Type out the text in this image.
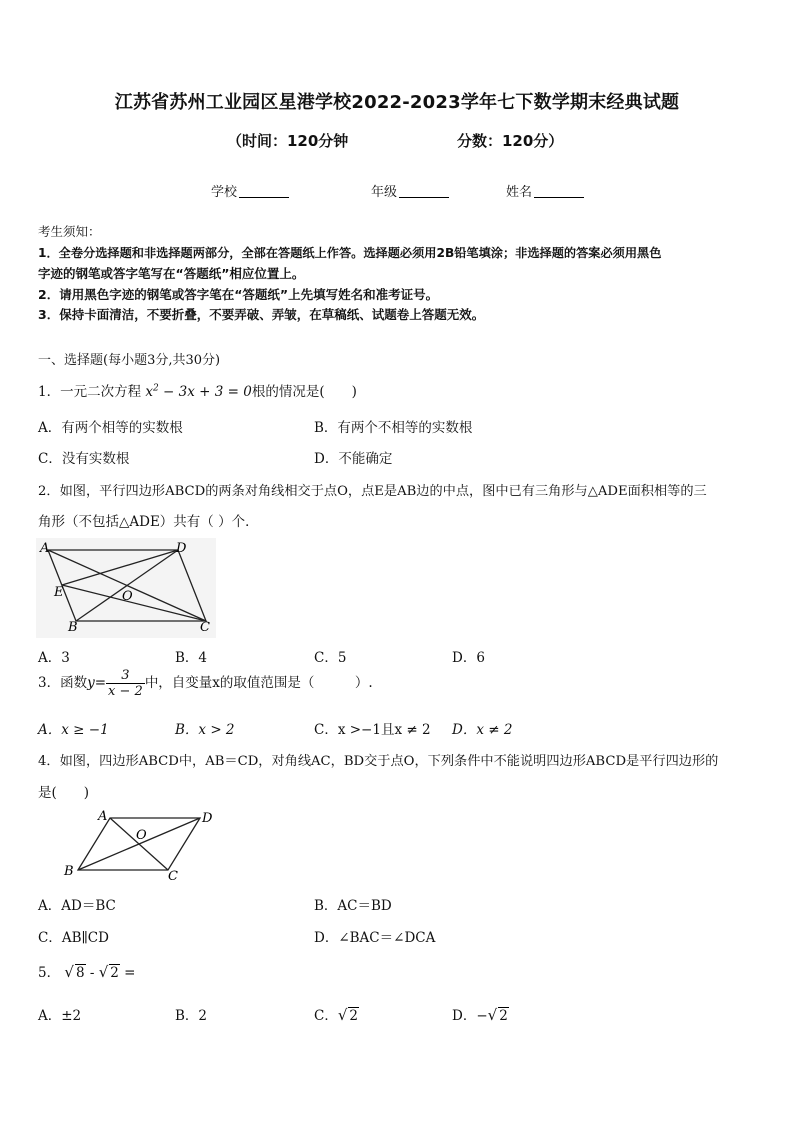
江苏省苏州工业园区星港学校2022-2023学年七下数学期末经典试题
（时间：120分钟	分数：120分）
学校	年级	姓名
考生须知：
1．全卷分选择题和非选择题两部分，全部在答题纸上作答。选择题必须用2B铅笔填涂；非选择题的答案必须用黑色
字迹的钢笔或答字笔写在“答题纸”相应位置上。
2．请用黑色字迹的钢笔或答字笔在“答题纸”上先填写姓名和准考证号。
3．保持卡面清洁，不要折叠，不要弄破、弄皱，在草稿纸、试题卷上答题无效。
一、选择题(每小题3分,共30分)
1．一元二次方程 $x^2 - 3x + 3 = 0$根的情况是(　　)
A．有两个相等的实数根	B．有两个不相等的实数根
C．没有实数根	D．不能确定
2．如图，平行四边形ABCD的两条对角线相交于点O，点E是AB边的中点，图中已有三角形与△ADE面积相等的三
角形（不包括△ADE）共有（ ）个．
A	D
E	O
B	C
A．3	B．4	C．5	D．6
3．函数$y= \frac{3}{x - 2}$ 中，自变量x的取值范围是（　　　）.
A．x ≥ −1	B．x > 2	C．x >−1且x ≠ 2 D．x ≠ 2
4．如图，四边形ABCD中，AB＝CD，对角线AC，BD交于点O，下列条件中不能说明四边形ABCD是平行四边形的
是(　　)
A	D
O
B	C
A．AD＝BC	B．AC＝BD
C．AB∥CD	D．∠BAC＝∠DCA
5． √ 8 - √ 2 =
A．±2	B．2	C．√ 2	D．−√ 2
